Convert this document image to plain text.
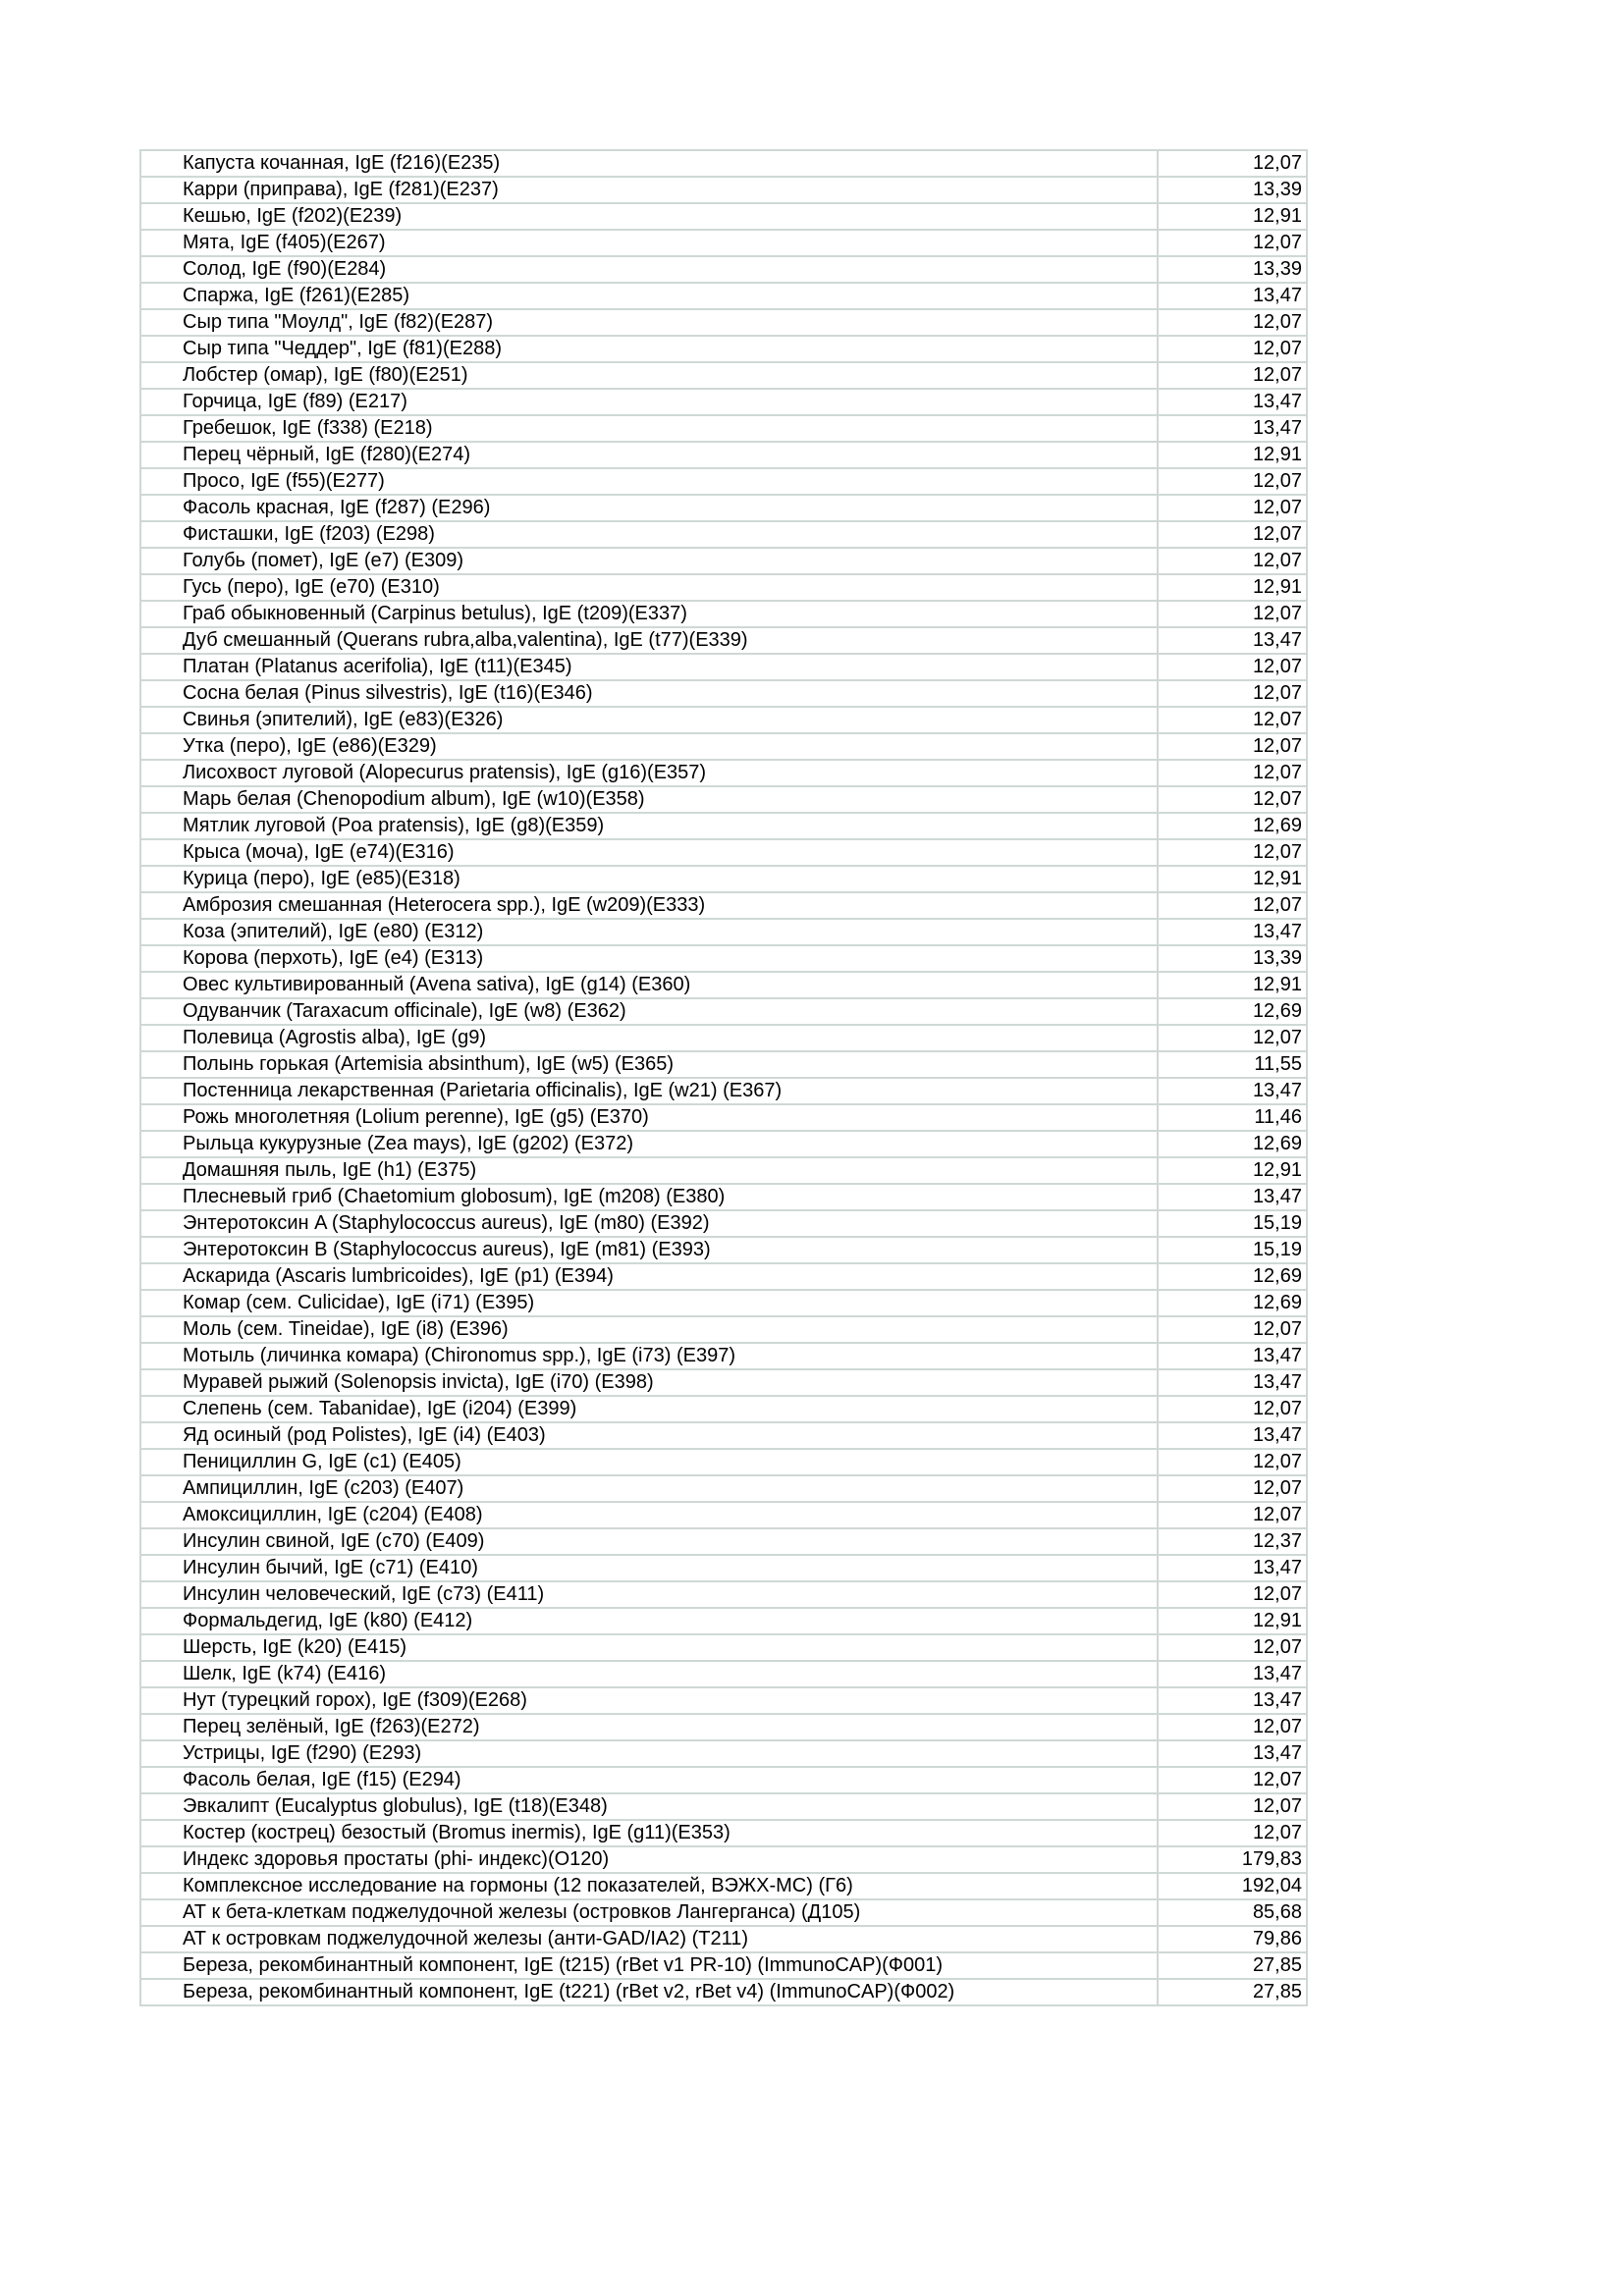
Капуста кочанная, IgE (f216)(E235)	12,07
Карри (приправа), IgE (f281)(E237)	13,39
Кешью, IgE (f202)(E239)	12,91
Мята, IgE (f405)(E267)	12,07
Солод, IgE (f90)(E284)	13,39
Спаржа, IgE (f261)(E285)	13,47
Сыр типа "Моулд", IgE (f82)(E287)	12,07
Сыр типа "Чеддер", IgE (f81)(E288)	12,07
Лобстер (омар), IgE (f80)(E251)	12,07
Горчица, IgE (f89) (E217)	13,47
Гребешок, IgE (f338) (E218)	13,47
Перец чёрный, IgE (f280)(E274)	12,91
Просо, IgE (f55)(E277)	12,07
Фасоль красная, IgE (f287) (E296)	12,07
Фисташки, IgE (f203) (E298)	12,07
Голубь (помет), IgE (e7) (E309)	12,07
Гусь (перо), IgE (e70) (E310)	12,91
Граб обыкновенный (Carpinus betulus), IgE (t209)(E337)	12,07
Дуб смешанный (Querans rubra,alba,valentina), IgE (t77)(E339)	13,47
Платан (Platanus acerifolia), IgE (t11)(E345)	12,07
Сосна белая (Pinus silvestris), IgE (t16)(E346)	12,07
Свинья (эпителий), IgE (e83)(E326)	12,07
Утка (перо), IgE (e86)(E329)	12,07
Лисохвост луговой (Alopecurus pratensis), IgE (g16)(E357)	12,07
Марь белая (Chenopodium album), IgE (w10)(E358)	12,07
Мятлик луговой (Poa pratensis), IgE (g8)(E359)	12,69
Крыса (моча), IgE (e74)(E316)	12,07
Курица (перо), IgE (e85)(E318)	12,91
Амброзия смешанная (Heterocera spp.), IgE (w209)(E333)	12,07
Коза (эпителий), IgE (e80) (E312)	13,47
Корова (перхоть), IgE (e4) (E313)	13,39
Овес культивированный (Avena sativa), IgE (g14) (E360)	12,91
Одуванчик (Taraxacum officinale), IgE (w8) (E362)	12,69
Полевица (Agrostis alba), IgE (g9)	12,07
Полынь горькая (Artemisia absinthum), IgE (w5) (E365)	11,55
Постенница лекарственная (Parietaria officinalis), IgE (w21) (E367)	13,47
Рожь многолетняя (Lolium perenne), IgE (g5) (E370)	11,46
Рыльца кукурузные (Zea mays), IgE (g202) (E372)	12,69
Домашняя пыль, IgE (h1) (E375)	12,91
Плесневый гриб (Chaetomium globosum), IgE (m208) (E380)	13,47
Энтеротоксин A (Staphylococcus aureus), IgE (m80) (E392)	15,19
Энтеротоксин B (Staphylococcus aureus), IgE (m81) (E393)	15,19
Аскарида (Ascaris lumbricoides), IgE (p1) (E394)	12,69
Комар (сем. Culicidae), IgE (i71) (E395)	12,69
Моль (сем. Tineidae), IgE (i8) (E396)	12,07
Мотыль (личинка комара) (Chironomus spp.), IgE (i73) (E397)	13,47
Муравей рыжий (Solenopsis invicta), IgE (i70) (E398)	13,47
Слепень (сем. Tabanidae), IgE (i204) (E399)	12,07
Яд осиный (род Polistes), IgE (i4) (E403)	13,47
Пенициллин G, IgE (c1) (E405)	12,07
Ампициллин, IgE (c203) (E407)	12,07
Амоксициллин, IgE (c204) (E408)	12,07
Инсулин свиной, IgE (c70) (E409)	12,37
Инсулин бычий, IgE (c71) (E410)	13,47
Инсулин человеческий, IgE (c73) (E411)	12,07
Формальдегид, IgE (k80) (E412)	12,91
Шерсть, IgE (k20) (E415)	12,07
Шелк, IgE (k74) (E416)	13,47
Нут (турецкий горох), IgE (f309)(E268)	13,47
Перец зелёный, IgE (f263)(E272)	12,07
Устрицы, IgE (f290) (E293)	13,47
Фасоль белая, IgE (f15) (E294)	12,07
Эвкалипт (Eucalyptus globulus), IgE (t18)(E348)	12,07
Костер (кострец) безостый (Bromus inermis), IgE (g11)(E353)	12,07
Индекс здоровья простаты (phi- индекс)(O120)	179,83
Комплексное исследование на гормоны (12 показателей, ВЭЖХ-МС) (Г6)	192,04
АТ к бета-клеткам поджелудочной железы (островков Лангерганса) (Д105)	85,68
АТ к островкам поджелудочной железы (анти-GAD/IA2) (T211)	79,86
Береза, рекомбинантный компонент, IgE (t215) (rBet v1 PR-10) (ImmunoCAP)(Ф001)	27,85
Береза, рекомбинантный компонент, IgE (t221) (rBet v2, rBet v4) (ImmunoCAP)(Ф002)	27,85
